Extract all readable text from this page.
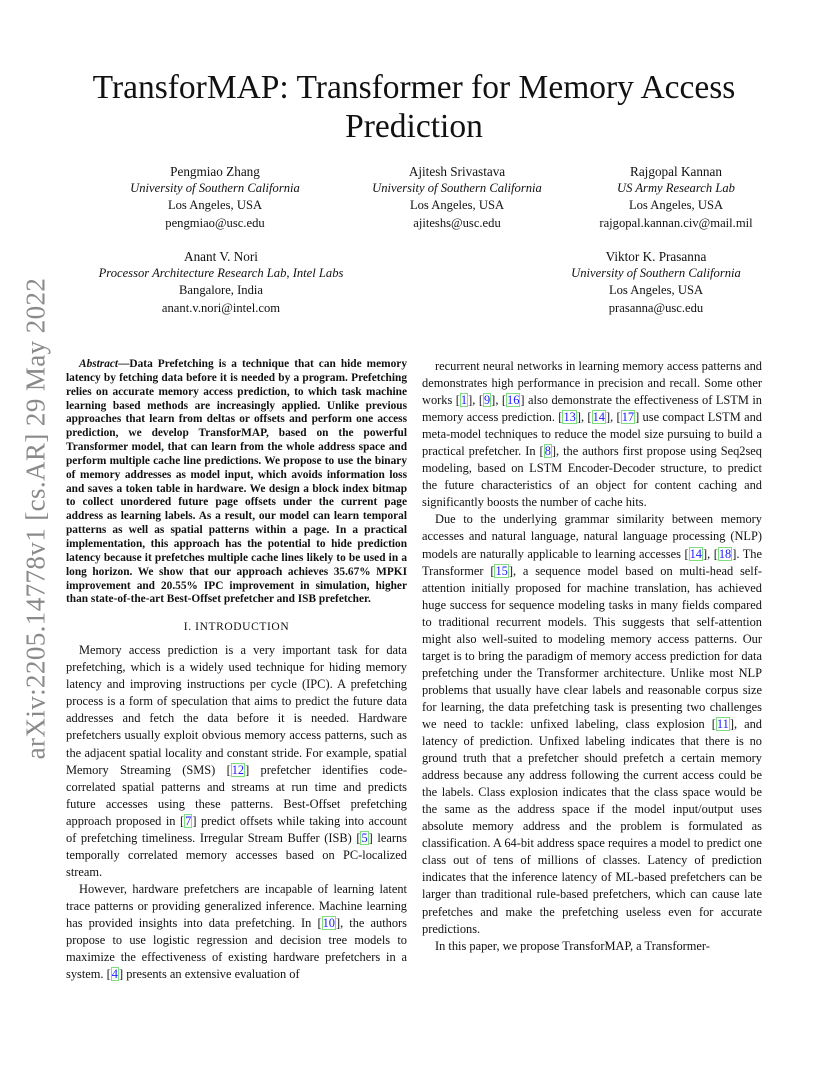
arXiv:2205.14778v1 [cs.AR] 29 May 2022
TransforMAP: Transformer for Memory Access Prediction
Pengmiao Zhang
University of Southern California
Los Angeles, USA
pengmiao@usc.edu
Ajitesh Srivastava
University of Southern California
Los Angeles, USA
ajiteshs@usc.edu
Rajgopal Kannan
US Army Research Lab
Los Angeles, USA
rajgopal.kannan.civ@mail.mil
Anant V. Nori
Processor Architecture Research Lab, Intel Labs
Bangalore, India
anant.v.nori@intel.com
Viktor K. Prasanna
University of Southern California
Los Angeles, USA
prasanna@usc.edu

Abstract—Data Prefetching is a technique that can hide memory latency by fetching data before it is needed by a program. Prefetching relies on accurate memory access prediction, to which task machine learning based methods are increasingly applied. Unlike previous approaches that learn from deltas or offsets and perform one access prediction, we develop TransforMAP, based on the powerful Transformer model, that can learn from the whole address space and perform multiple cache line predictions. We propose to use the binary of memory addresses as model input, which avoids information loss and saves a token table in hardware. We design a block index bitmap to collect unordered future page offsets under the current page address as learning labels. As a result, our model can learn temporal patterns as well as spatial patterns within a page. In a practical implementation, this approach has the potential to hide prediction latency because it prefetches multiple cache lines likely to be used in a long horizon. We show that our approach achieves 35.67% MPKI improvement and 20.55% IPC improvement in simulation, higher than state-of-the-art Best-Offset prefetcher and ISB prefetcher.

I. INTRODUCTION

Memory access prediction is a very important task for data prefetching, which is a widely used technique for hiding memory latency and improving instructions per cycle (IPC). A prefetching process is a form of speculation that aims to predict the future data addresses and fetch the data before it is needed. Hardware prefetchers usually exploit obvious memory access patterns, such as the adjacent spatial locality and constant stride. For example, spatial Memory Streaming (SMS) [12] prefetcher identifies code-correlated spatial patterns and streams at run time and predicts future accesses using these patterns. Best-Offset prefetching approach proposed in [7] predict offsets while taking into account of prefetching timeliness. Irregular Stream Buffer (ISB) [5] learns temporally correlated memory accesses based on PC-localized stream.

However, hardware prefetchers are incapable of learning latent trace patterns or providing generalized inference. Machine learning has provided insights into data prefetching. In [10], the authors propose to use logistic regression and decision tree models to maximize the effectiveness of existing hardware prefetchers in a system. [4] presents an extensive evaluation of

recurrent neural networks in learning memory access patterns and demonstrates high performance in precision and recall. Some other works [1], [9], [16] also demonstrate the effectiveness of LSTM in memory access prediction. [13], [14], [17] use compact LSTM and meta-model techniques to reduce the model size pursuing to build a practical prefetcher. In [8], the authors first propose using Seq2seq modeling, based on LSTM Encoder-Decoder structure, to predict the future characteristics of an object for content caching and significantly boosts the number of cache hits.

Due to the underlying grammar similarity between memory accesses and natural language, natural language processing (NLP) models are naturally applicable to learning accesses [14], [18]. The Transformer [15], a sequence model based on multi-head self-attention initially proposed for machine translation, has achieved huge success for sequence modeling tasks in many fields compared to traditional recurrent models. This suggests that self-attention might also well-suited to modeling memory access patterns. Our target is to bring the paradigm of memory access prediction for data prefetching under the Transformer architecture. Unlike most NLP problems that usually have clear labels and reasonable corpus size for learning, the data prefetching task is presenting two challenges we need to tackle: unfixed labeling, class explosion [11], and latency of prediction. Unfixed labeling indicates that there is no ground truth that a prefetcher should prefetch a certain memory address because any address following the current access could be the labels. Class explosion indicates that the class space would be the same as the address space if the model input/output uses absolute memory address and the problem is formulated as classification. A 64-bit address space requires a model to predict one class out of tens of millions of classes. Latency of prediction indicates that the inference latency of ML-based prefetchers can be larger than traditional rule-based prefetchers, which can cause late prefetches and make the prefetching useless even for accurate predictions.

In this paper, we propose TransforMAP, a Transformer-
